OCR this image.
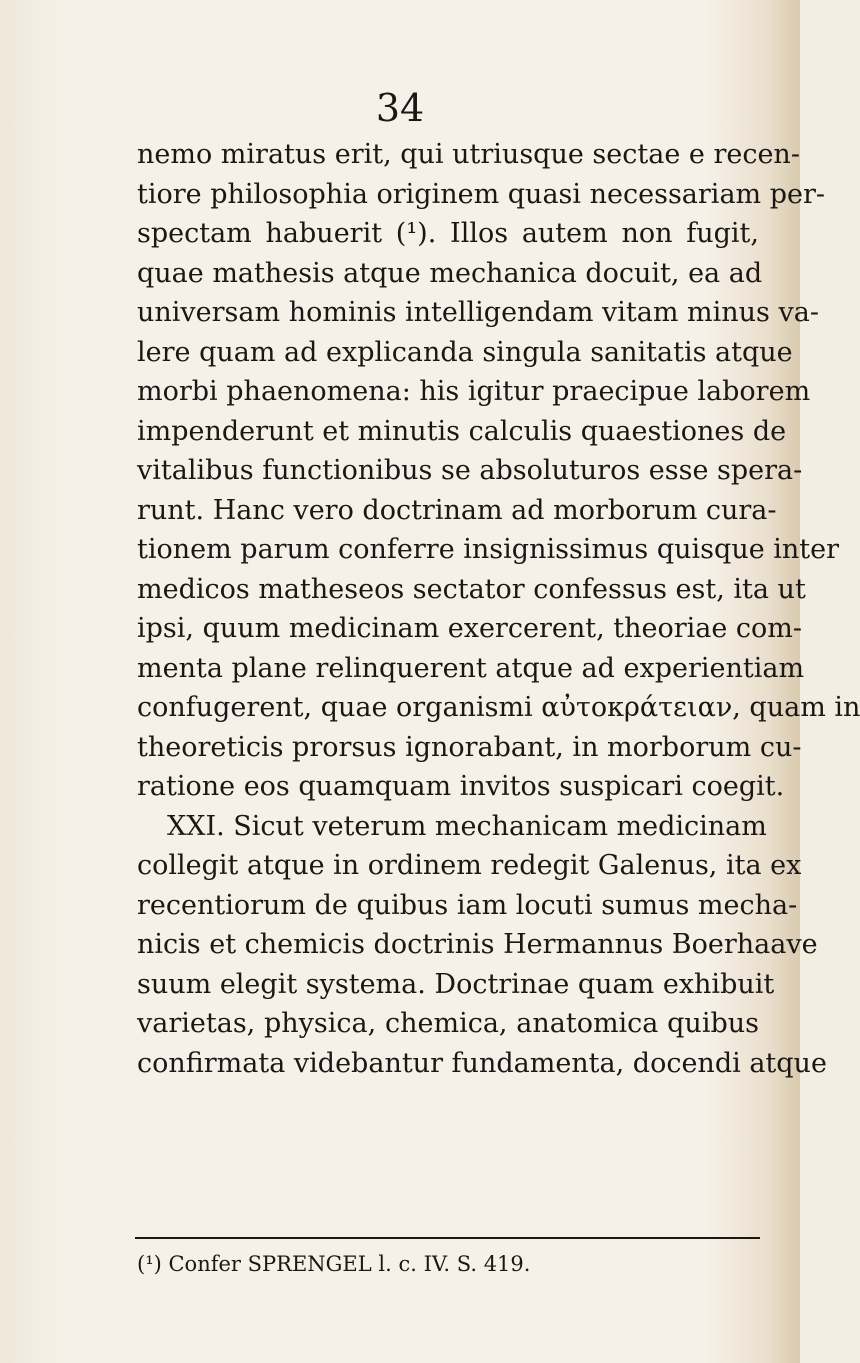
34
nemo miratus erit, qui utriusque sectae e recen-
tiore philosophia originem quasi necessariam per-
spectam habuerit (¹). Illos autem non fugit,
quae mathesis atque mechanica docuit, ea ad
universam hominis intelligendam vitam minus va-
lere quam ad explicanda singula sanitatis atque
morbi phaenomena: his igitur praecipue laborem
impenderunt et minutis calculis quaestiones de
vitalibus functionibus se absoluturos esse spera-
runt. Hanc vero doctrinam ad morborum cura-
tionem parum conferre insignissimus quisque inter
medicos matheseos sectator confessus est, ita ut
ipsi, quum medicinam exercerent, theoriae com-
menta plane relinquerent atque ad experientiam
confugerent, quae organismi αὐτοκράτειαν, quam in
theoreticis prorsus ignorabant, in morborum cu-
ratione eos quamquam invitos suspicari coegit.
XXI. Sicut veterum mechanicam medicinam
collegit atque in ordinem redegit Galenus, ita ex
recentiorum de quibus iam locuti sumus mecha-
nicis et chemicis doctrinis Hermannus Boerhaave
suum elegit systema. Doctrinae quam exhibuit
varietas, physica, chemica, anatomica quibus
confirmata videbantur fundamenta, docendi atque
(¹) Confer SPRENGEL l. c. IV. S. 419.
